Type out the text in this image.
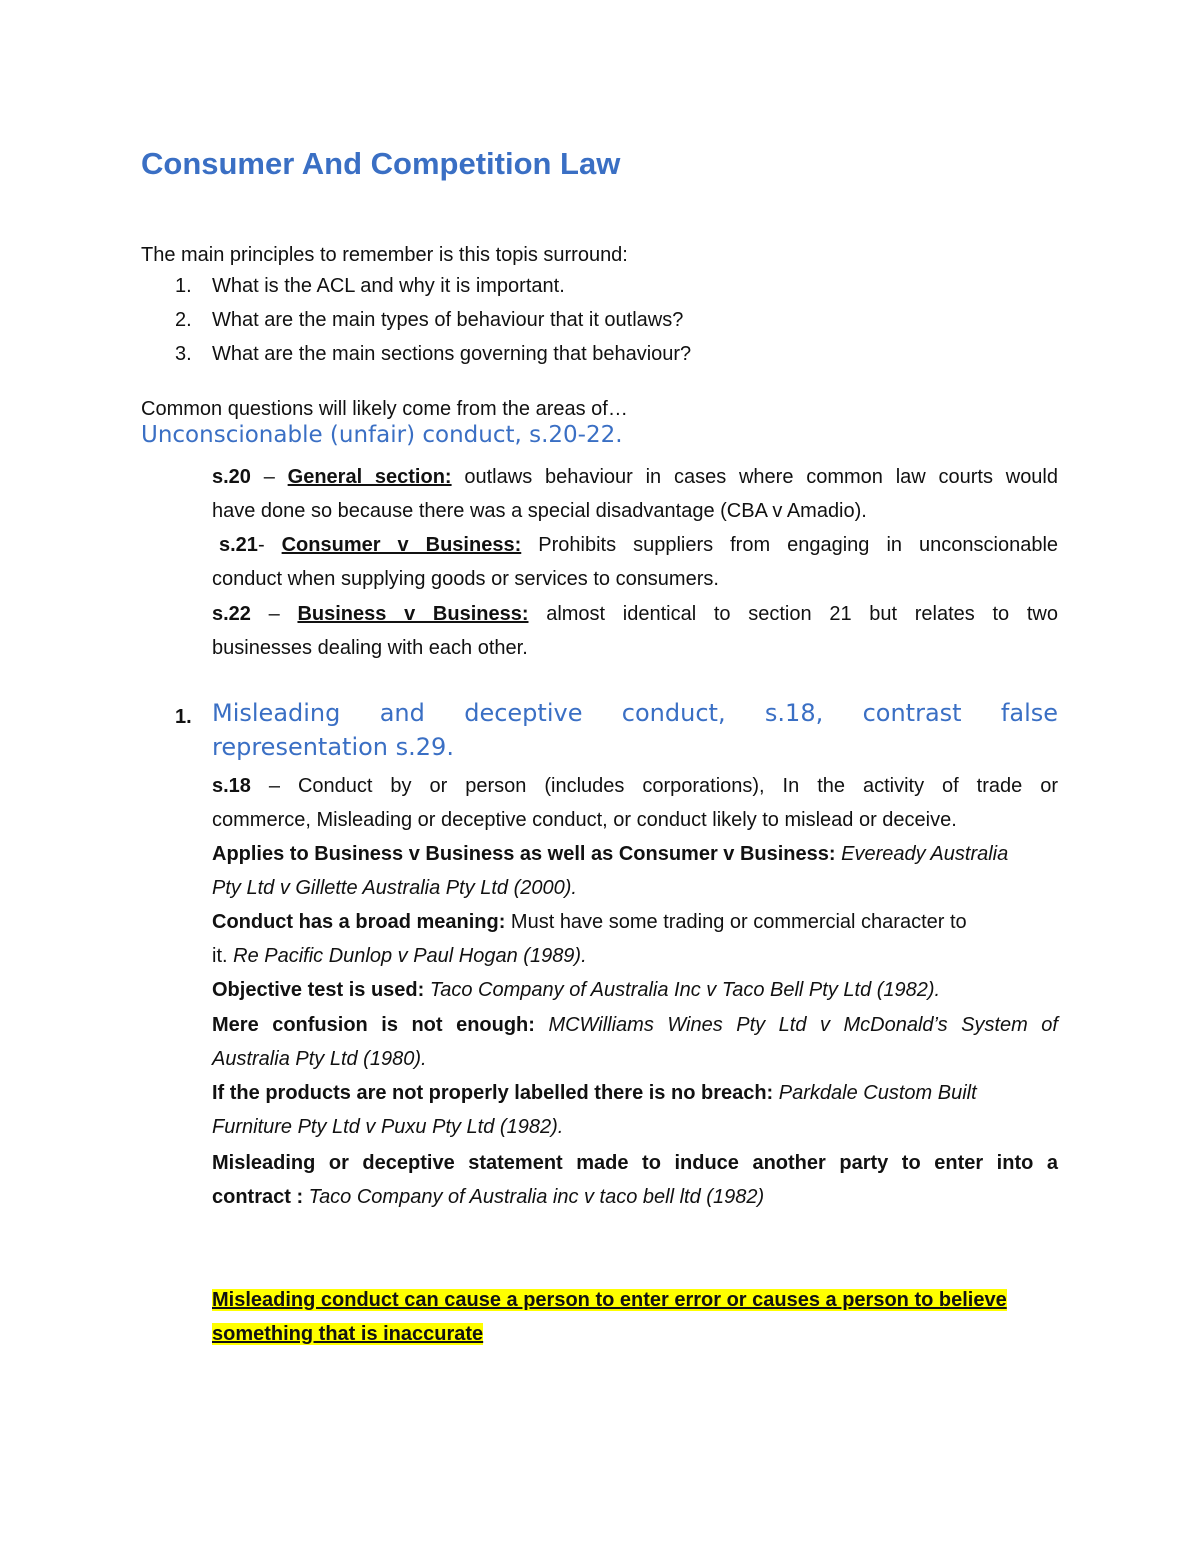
Consumer And Competition Law
The main principles to remember is this topis surround:
1. What is the ACL and why it is important.
2. What are the main types of behaviour that it outlaws?
3. What are the main sections governing that behaviour?
Common questions will likely come from the areas of…
Unconscionable (unfair) conduct, s.20-22.
s.20 – General section: outlaws behaviour in cases where common law courts would
have done so because there was a special disadvantage (CBA v Amadio).
s.21- Consumer v Business: Prohibits suppliers from engaging in unconscionable
conduct when supplying goods or services to consumers.
s.22 – Business v Business: almost identical to section 21 but relates to two
businesses dealing with each other.
1. Misleading and deceptive conduct, s.18, contrast false
representation s.29.
s.18 – Conduct by or person (includes corporations), In the activity of trade or
commerce, Misleading or deceptive conduct, or conduct likely to mislead or deceive.
Applies to Business v Business as well as Consumer v Business: Eveready Australia
Pty Ltd v Gillette Australia Pty Ltd (2000).
Conduct has a broad meaning: Must have some trading or commercial character to
it. Re Pacific Dunlop v Paul Hogan (1989).
Objective test is used: Taco Company of Australia Inc v Taco Bell Pty Ltd (1982).
Mere confusion is not enough: MCWilliams Wines Pty Ltd v McDonald’s System of
Australia Pty Ltd (1980).
If the products are not properly labelled there is no breach: Parkdale Custom Built
Furniture Pty Ltd v Puxu Pty Ltd (1982).
Misleading or deceptive statement made to induce another party to enter into a
contract : Taco Company of Australia inc v taco bell ltd (1982)
Misleading conduct can cause a person to enter error or causes a person to believe
something that is inaccurate
